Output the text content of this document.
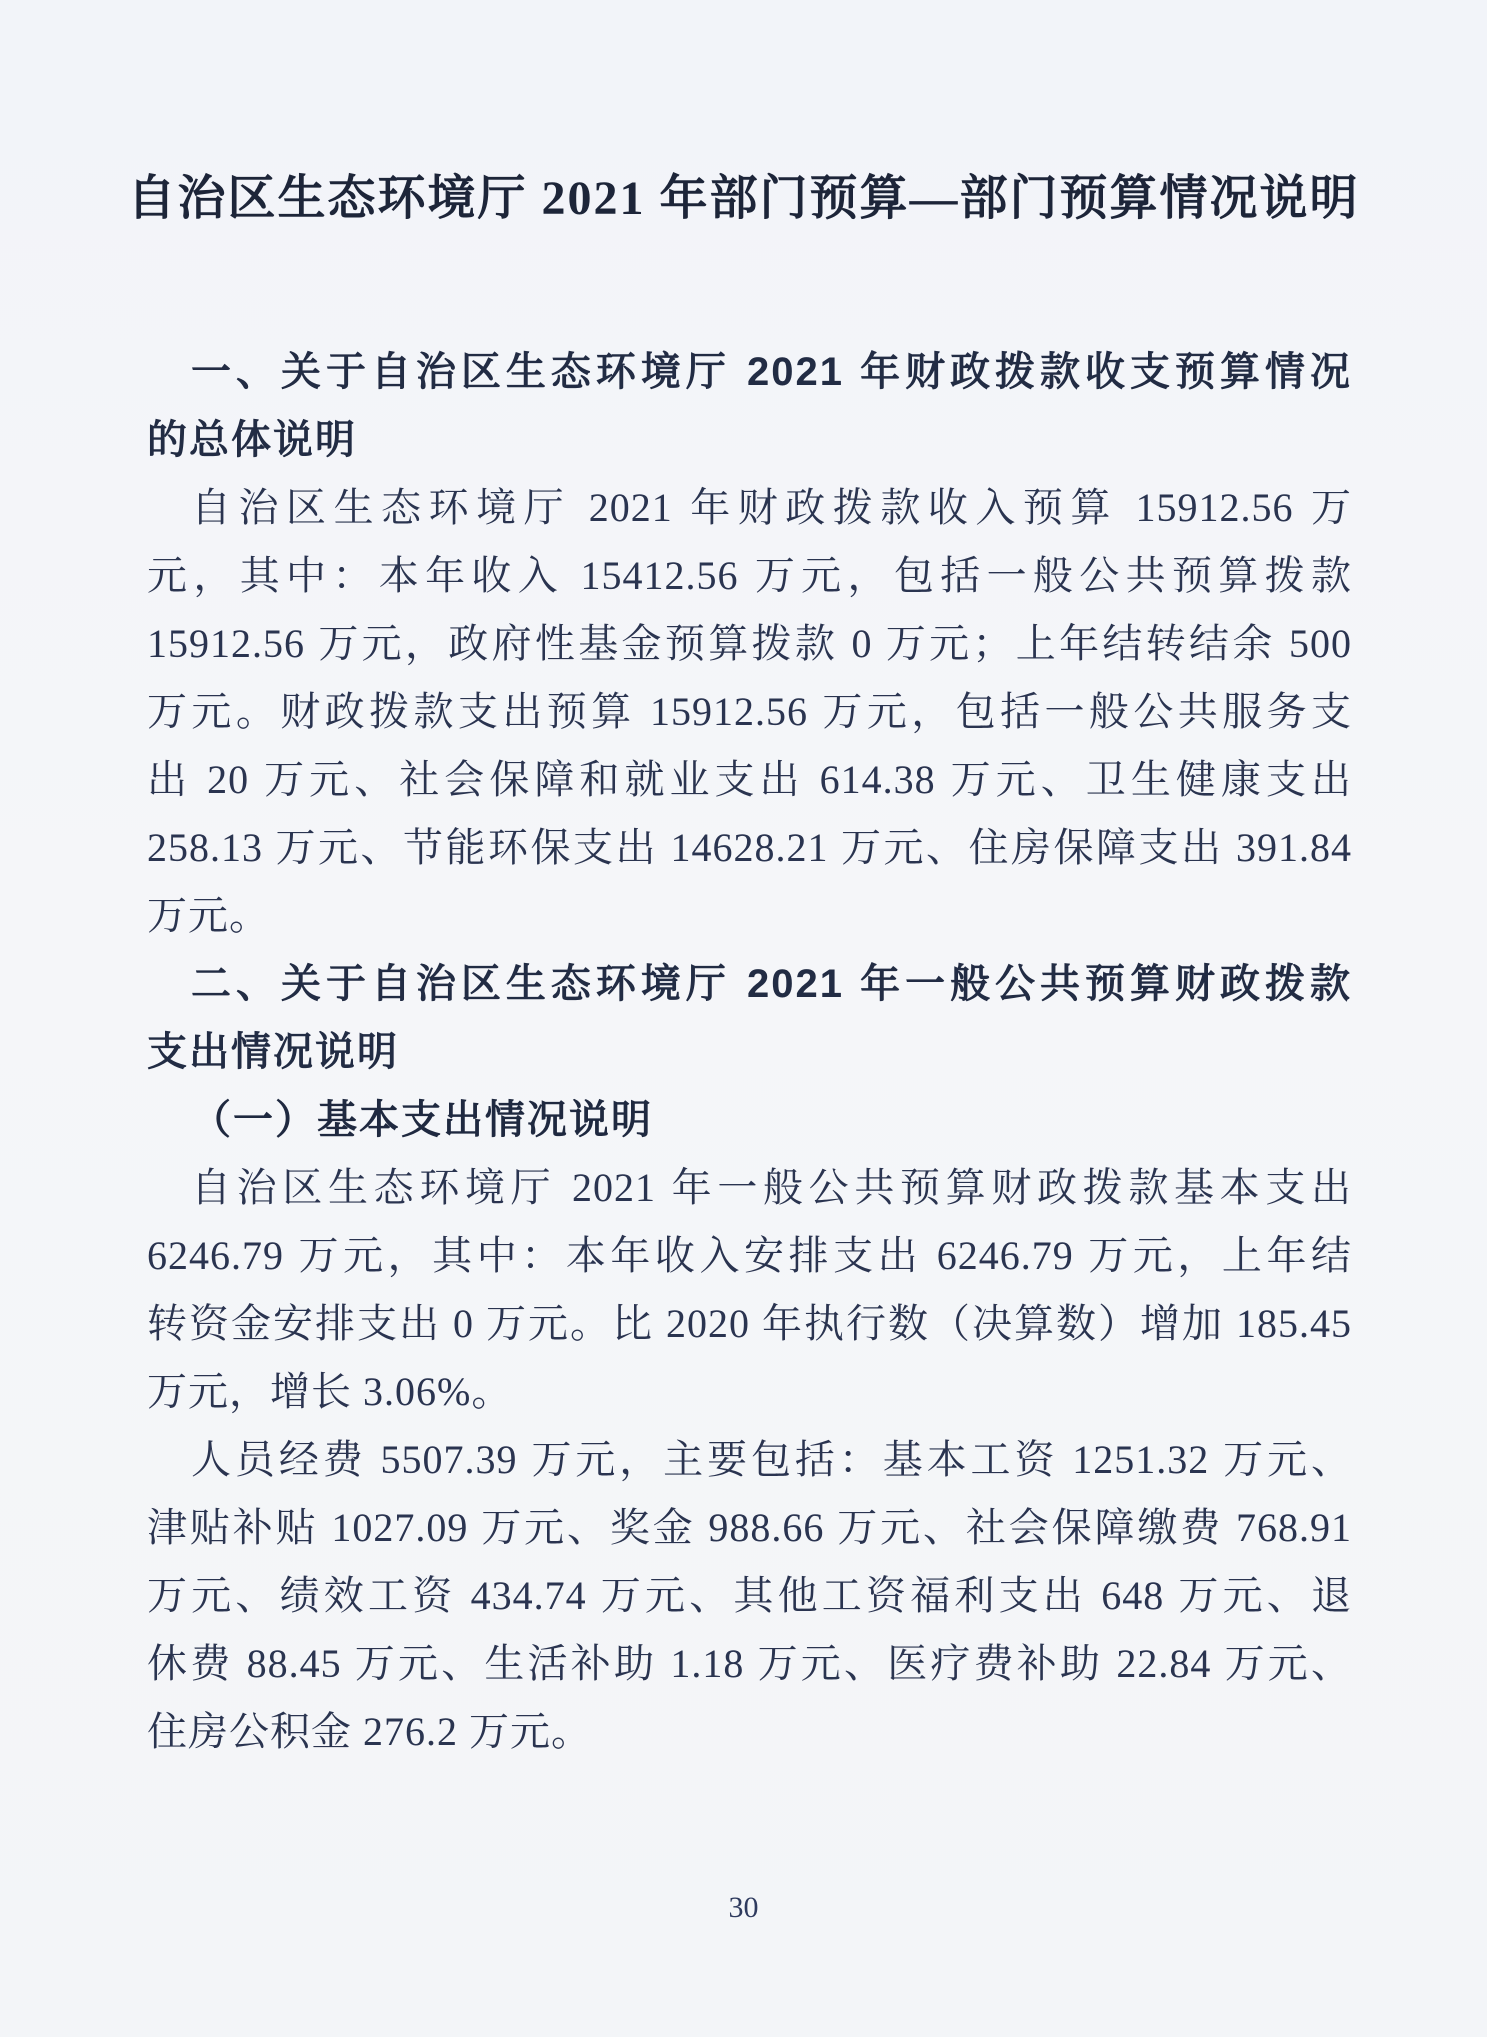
自治区生态环境厅 2021 年部门预算—部门预算情况说明
一、关于自治区生态环境厅 2021 年财政拨款收支预算情况
的总体说明
自治区生态环境厅 2021 年财政拨款收入预算 15912.56 万
元，其中：本年收入 15412.56 万元，包括一般公共预算拨款
15912.56 万元，政府性基金预算拨款 0 万元；上年结转结余 500
万元。财政拨款支出预算 15912.56 万元，包括一般公共服务支
出 20 万元、社会保障和就业支出 614.38 万元、卫生健康支出
258.13 万元、节能环保支出 14628.21 万元、住房保障支出 391.84
万元。
二、关于自治区生态环境厅 2021 年一般公共预算财政拨款
支出情况说明
（一）基本支出情况说明
自治区生态环境厅 2021 年一般公共预算财政拨款基本支出
6246.79 万元，其中：本年收入安排支出 6246.79 万元，上年结
转资金安排支出 0 万元。比 2020 年执行数（决算数）增加 185.45
万元，增长 3.06%。
人员经费 5507.39 万元，主要包括：基本工资 1251.32 万元、
津贴补贴 1027.09 万元、奖金 988.66 万元、社会保障缴费 768.91
万元、绩效工资 434.74 万元、其他工资福利支出 648 万元、退
休费 88.45 万元、生活补助 1.18 万元、医疗费补助 22.84 万元、
住房公积金 276.2 万元。
30
